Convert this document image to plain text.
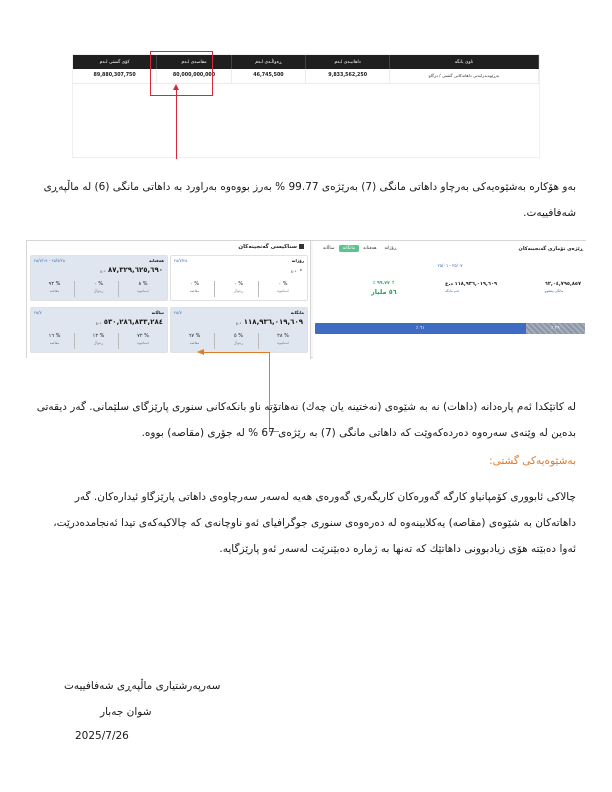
کۆی گشتی لـەم	مقاصەی لـەم	ڕەواڵـەی لـەم	داهاتیـەی لـەم	ناوی بانگە
89,880,307,750	80,000,000,000	46,745,500	9,833,562,250	بەڕێوەبەرایەتی داهاتەکانی گشتی / درگاو

بەو هۆکارە بەشێوەیەکی بەرچاو داهاتی مانگی (7) بەرێژەی 99.77 % بەرز بووەوە بەراورد بە داهاتی مانگی (6) لە ماڵپەڕی شەفافییەت.

سناکیسی گەنجینەکان
هەفتانە
٢٥/٧/٢٥ - ٢٥/٧/١٩
٨٧,٣٢٩,٦٢٥,٦٩٠ د.ع
٩٢ %
مقاصە
٠ %
ڕەواڵ
٨ %
ئەماتیوە
رۆژانە
٢٥/٧/٢٥
٠ د.ع
٠ %
مقاصە
٠ %
ڕەواڵ
٠ %
ئەماتیوە
ساڵانە
٢٥/٧
٥٣٠,٢٨٦,٨٣٣,٢٨٤ د.ع
١٦ %
مقاصە
١٢ %
ڕەواڵ
٧٢ %
ئەماتیوە
مانگانە
٢٥/٧
١١٨,٩٣٦,٠١٩,٦٠٩ د.ع
٦٧ %
مقاصە
٥ %
ڕەواڵ
٢٨ %
ئەماتیوە
ڕێژەی تۆماری گەنجینەکان
ساڵانە	مانگانە	هەفتانە	ڕۆژانە
٢٥/٠٧ - ٢٥/٠٦
٦٢,٠٤,٧٩٥,٨٥٧
مانگی پێشوو
١١٨,٩٣٦,٠١٩,٦٠٩ د.ع
ئەم مانگە
٪ ٩٩.٧٧ ↑
٥٦ ملیار
٪ ٦١	٪ ٣٩

لە کاتێکدا ئەم پارەدانە (داهات) نە بە شێوەی (نەختینە یان چەك) نەهاتۆتە ناو بانکەکانی سنوری پارێزگای سلێمانی. گەر دیقەتی بدەین لە وێنەی سەرەوە دەردەکەوێت کە داهاتی مانگی (7) بە رێژەی 67 % لە جۆری (مقاصە) بووە.

بەشێوەیەکی گشتی:

چالاکی ئابووری کۆمپانیاو کارگە گەورەکان کاریگەری گەورەی هەیە لەسەر سەرچاوەی داهاتی پارێزگاو ئیدارەکان. گەر داهاتەکان بە شێوەی (مقاصە) یەکلابینەوە لە دەرەوەی سنوری جوگرافیای ئەو ناوچانەی کە چالاکیەکەی تیدا ئەنجامدەدرێت، ئەوا دەبێتە هۆی زیادبوونی داهاتێك کە تەنها بە ژمارە دەبێنرێت لەسەر ئەو پارێزگایە.

سەرپەرشتیاری ماڵپەڕی شەفافییەت
شوان جەبار
2025/7/26
